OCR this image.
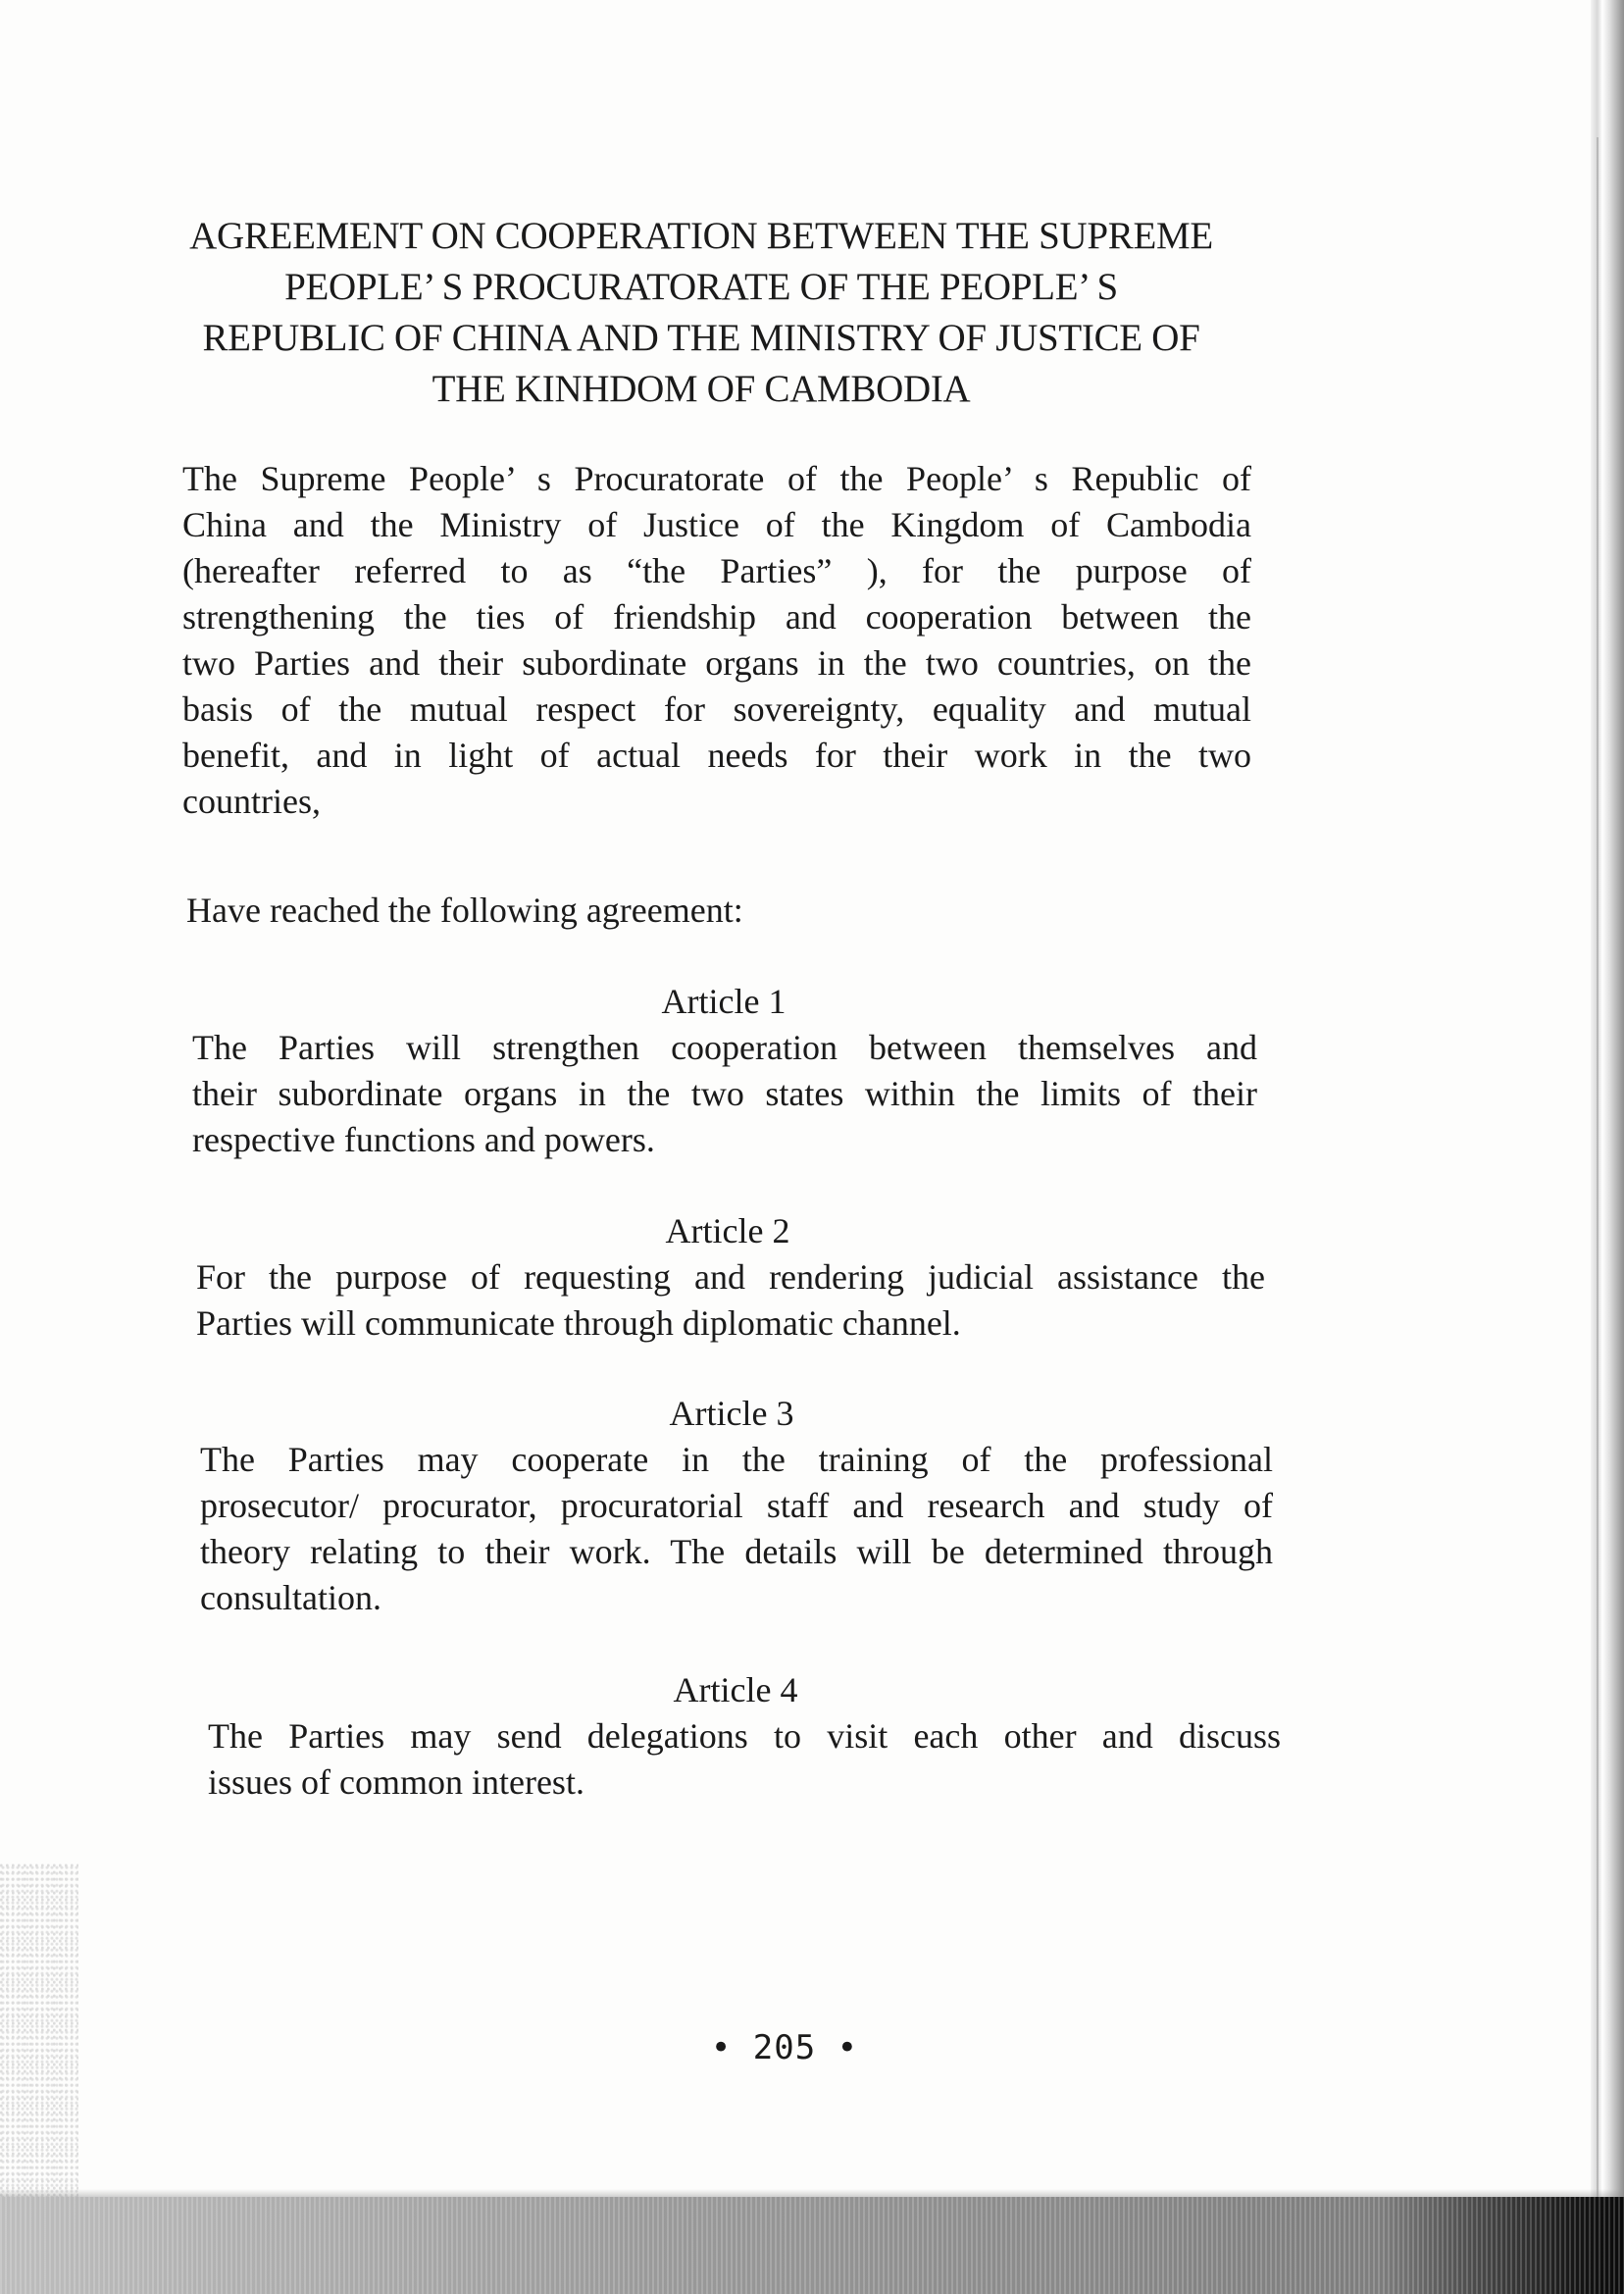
AGREEMENT ON COOPERATION BETWEEN THE SUPREME
PEOPLE’ S PROCURATORATE OF THE PEOPLE’ S
REPUBLIC OF CHINA AND THE MINISTRY OF JUSTICE OF
THE KINHDOM OF CAMBODIA
The Supreme People’ s Procuratorate of the People’ s Republic of
China and the Ministry of Justice of the Kingdom of Cambodia
(hereafter referred to as “the Parties” ), for the purpose of
strengthening the ties of friendship and cooperation between the
two Parties and their subordinate organs in the two countries, on the
basis of the mutual respect for sovereignty, equality and mutual
benefit, and in light of actual needs for their work in the two
countries,
Have reached the following agreement:
Article 1
The Parties will strengthen cooperation between themselves and
their subordinate organs in the two states within the limits of their
respective functions and powers.
Article 2
For the purpose of requesting and rendering judicial assistance the
Parties will communicate through diplomatic channel.
Article 3
The Parties may cooperate in the training of the professional
prosecutor/ procurator, procuratorial staff and research and study of
theory relating to their work. The details will be determined through
consultation.
Article 4
The Parties may send delegations to visit each other and discuss
issues of common interest.
• 205 •
